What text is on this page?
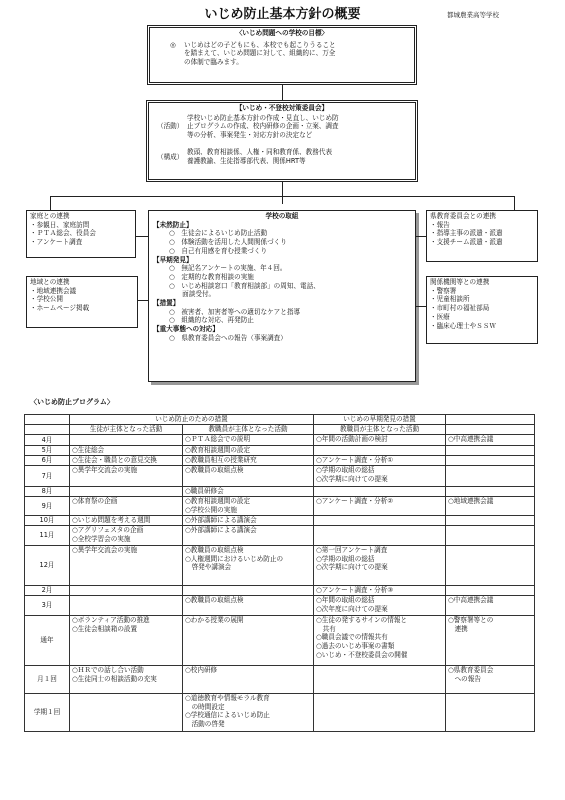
いじめ防止基本方針の概要	都城農業高等学校
〈いじめ問題への学校の目標〉
◎ いじめはどの子どもにも、本校でも起こりうること
を踏まえて、いじめ問題に対して、組織的に、万全
の体制で臨みます。
【いじめ・不登校対策委員会】
（活動）
学校いじめ防止基本方針の作成・見直し、いじめ防
止プログラムの作成、校内研修の企画・立案、調査
等の分析、事案発生・対応方針の決定など
（構成）
教頭、教育相談係、人権・同和教育係、教務代表
養護教諭、生徒指導部代表、関係HRT等
家庭との連携
・参観日、家庭訪問
・ＰＴＡ総会、役員会
・アンケート調査
地域との連携
・地域連携会議
・学校公開
・ホームページ掲載
学校の取組
【未然防止】
○　生徒会によるいじめ防止活動
○　体験活動を活用した人間関係づくり
○　自己有用感を育む授業づくり
【早期発見】
○　無記名アンケートの実施、年４回。
○　定期的な教育相談の実施
○　いじめ相談窓口「教育相談部」の周知、電話、
　　面談受付。
【措置】
○　被害者、加害者等への適切なケアと指導
○　組織的な対応、再発防止
【重大事態への対応】
○　県教育委員会への報告（事案調査）
県教育委員会との連携
・報告
・指導主事の派遣・派遣
・支援チーム派遣・派遣
関係機関等との連携
・警察署
・児童相談所
・市町村の福祉部局
・医療
・臨床心理士やＳＳＷ
〈いじめ防止プログラム〉
	いじめ防止のための措置		いじめの早期発見の措置	
	生徒が主体となった活動	教職員が主体となった活動	教職員が主体となった活動	
4月		○ＰＴＡ総会での説明	○年間の活動計画の検討	○中高連携会議

5月	○生徒総会	○教育相談週間の設定		

6月	○生徒会・職員との意見交換	○教職員相互の授業研究	○アンケート調査・分析①	

7月	○異学年交流会の実施	○教職員の取組点検	○学期の取組の総括
○次学期に向けての提案	

8月		○職員研修会		

9月	○体育祭の企画	○教育相談週間の設定
○学校公開の実施	○アンケート調査・分析②	○地域連携会議

10月	○いじめ問題を考える週間	○外部講師による講演会		

11月	○アグリフェスタの企画
○全校学習会の実施	○外部講師による講演会		

12月	○異学年交流会の実施	○教職員の取組点検
○人権週間におけるいじめ防止の
　啓発や講演会	○第一回アンケート調査
○学期の取組の総括
○次学期に向けての提案	

2月			○アンケート調査・分析③	

3月		○教職員の取組点検	○年間の取組の総括
○次年度に向けての提案	○中高連携会議

通年	○ボランティア活動の推進
○生徒会相談箱の設置	○わかる授業の展開	○生徒の発するサインの情報と
　共有
○職員会議での情報共有
○過去のいじめ事案の書類
○いじめ・不登校委員会の開催	○警察署等との
　連携

月１回	○ＨＲでの話し合い活動
○生徒同士の相談活動の充実	○校内研修		○県教育委員会
　への報告

学期１回		○道徳教育や情報モラル教育
　の時間設定
○学校通信によるいじめ防止
　活動の啓発		
